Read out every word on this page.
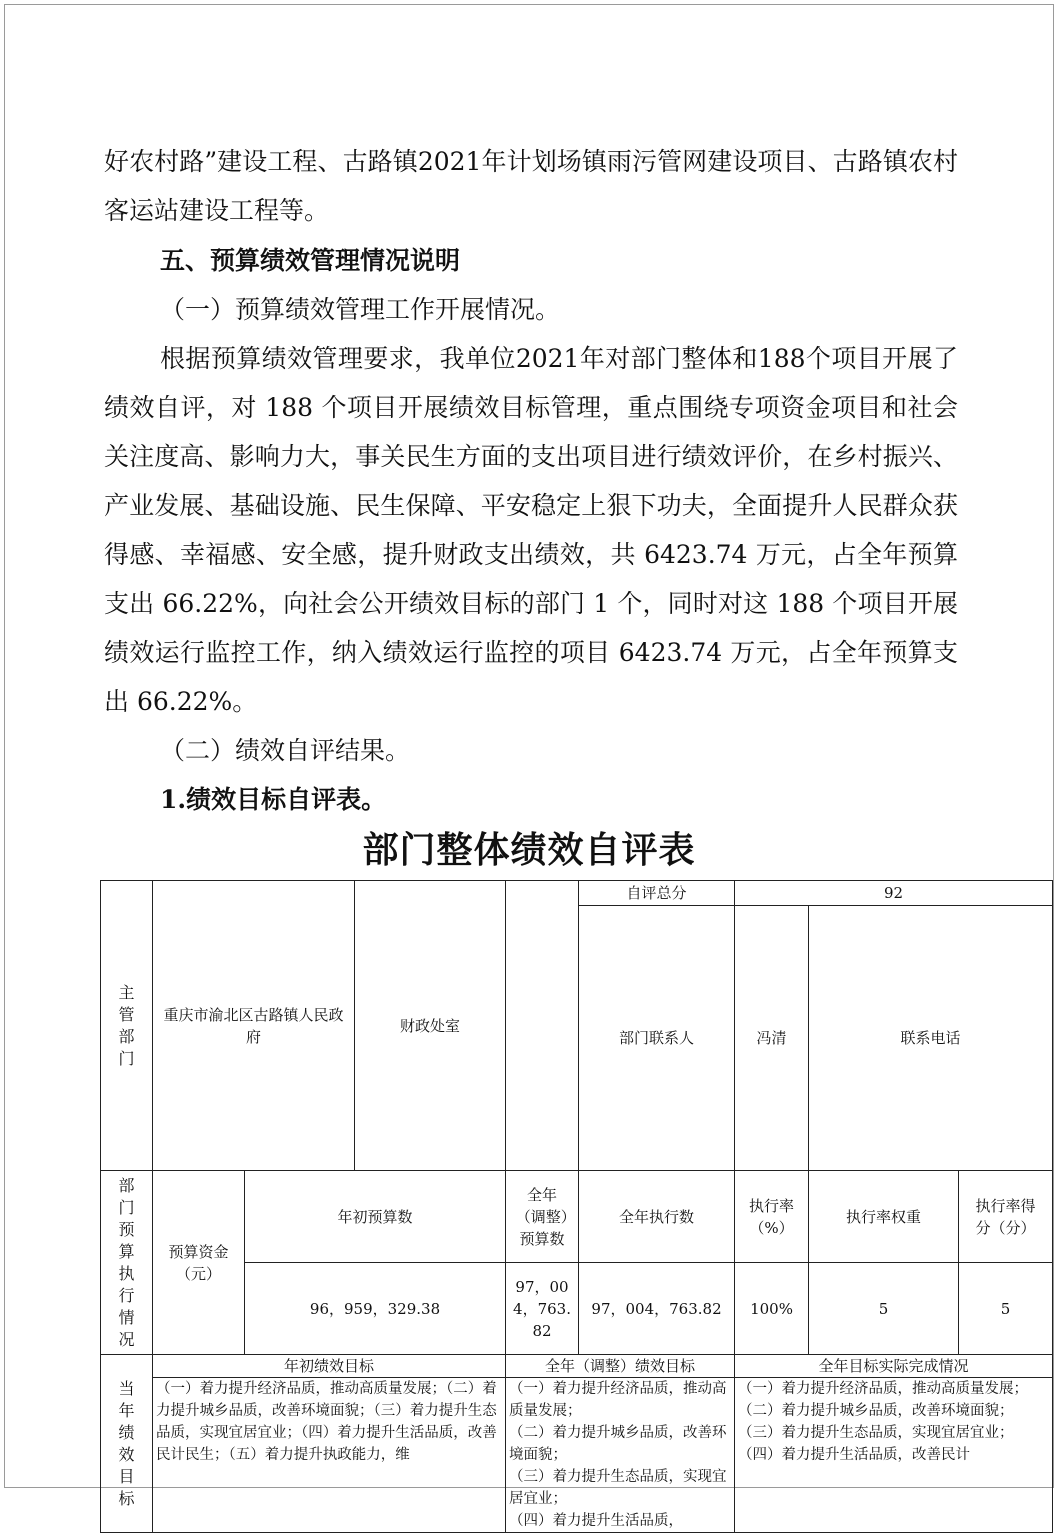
好农村路”建设工程、古路镇2021年计划场镇雨污管网建设项目、古路镇农村客运站建设工程等。

五、预算绩效管理情况说明

（一）预算绩效管理工作开展情况。

根据预算绩效管理要求，我单位2021年对部门整体和188个项目开展了绩效自评，对 188 个项目开展绩效目标管理，重点围绕专项资金项目和社会关注度高、影响力大，事关民生方面的支出项目进行绩效评价，在乡村振兴、产业发展、基础设施、民生保障、平安稳定上狠下功夫，全面提升人民群众获得感、幸福感、安全感，提升财政支出绩效，共 6423.74 万元，占全年预算支出 66.22%，向社会公开绩效目标的部门 1 个，同时对这 188 个项目开展绩效运行监控工作，纳入绩效运行监控的项目 6423.74 万元，占全年预算支出 66.22%。

（二）绩效自评结果。

1.绩效目标自评表。

部门整体绩效自评表
主管部门	重庆市渝北区古路镇人民政府		财政处室		自评总分	92			
					部门联系人	冯清	联系电话	
部门预算执行情况	预算资金（元）	年初预算数		全年（调整）预算数	全年执行数	执行率（%）	执行率权重	执行率得分（分）	
		96，959，329.38		97，004，763.82	97，004，763.82	100%	5	5	
当年绩效目标	年初绩效目标			全年（调整）绩效目标		全年目标实际完成情况			

	（一）着力提升经济品质，推动高质量发展；（二）着力提升城乡品质，改善环境面貌；（三）着力提升生态品质，实现宜居宜业；（四）着力提升生活品质，改善民计民生；（五）着力提升执政能力，维			（一）着力提升经济品质，推动高质量发展；
（二）着力提升城乡品质，改善环境面貌；
（三）着力提升生态品质，实现宜居宜业；
（四）着力提升生活品质，		（一）着力提升经济品质，推动高质量发展；
（二）着力提升城乡品质，改善环境面貌；
（三）着力提升生态品质，实现宜居宜业；
（四）着力提升生活品质，改善民计			
